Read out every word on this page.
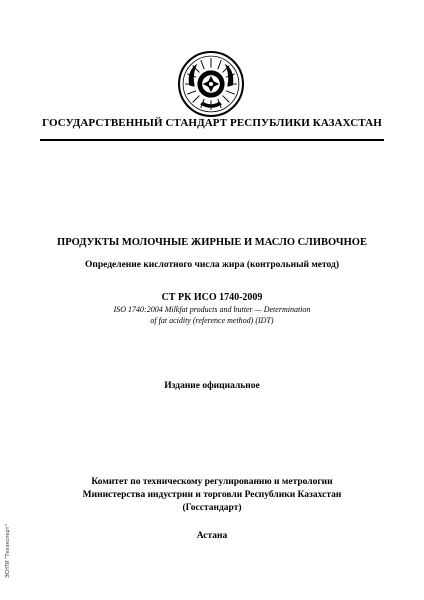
ГОСУДАРСТВЕННЫЙ СТАНДАРТ РЕСПУБЛИКИ КАЗАХСТАН
ПРОДУКТЫ МОЛОЧНЫЕ ЖИРНЫЕ И МАСЛО СЛИВОЧНОЕ
Определение кислотного числа жира (контрольный метод)
СТ РК ИСО 1740-2009
ISO 1740:2004 Milkfat products and butter — Determination
of fat acidity (reference method) (IDT)
Издание официальное
Комитет по техническому регулированию и метрологии
Министерства индустрии и торговли Республики Казахстан
(Госстандарт)
Астана
ЭСНТИ "Техэксперт"
